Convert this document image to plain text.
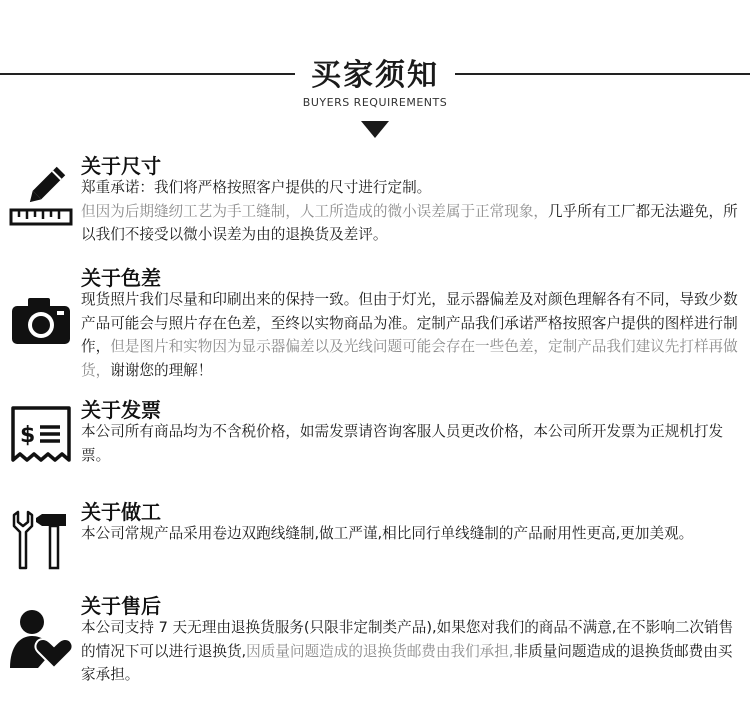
买家须知
BUYERS REQUIREMENTS
关于尺寸
郑重承诺：我们将严格按照客户提供的尺寸进行定制。
但因为后期缝纫工艺为手工缝制，人工所造成的微小误差属于正常现象，几乎所有工厂都无法避免，所以我们不接受以微小误差为由的退换货及差评。
关于色差
现货照片我们尽量和印刷出来的保持一致。但由于灯光，显示器偏差及对颜色理解各有不同，导致少数产品可能会与照片存在色差，至终以实物商品为准。定制产品我们承诺严格按照客户提供的图样进行制作，但是图片和实物因为显示器偏差以及光线问题可能会存在一些色差，定制产品我们建议先打样再做货，谢谢您的理解！
$
关于发票
本公司所有商品均为不含税价格，如需发票请咨询客服人员更改价格，本公司所开发票为正规机打发票。
关于做工
本公司常规产品采用卷边双跑线缝制,做工严谨,相比同行单线缝制的产品耐用性更高,更加美观。
关于售后
本公司支持 7 天无理由退换货服务(只限非定制类产品),如果您对我们的商品不满意,在不影响二次销售的情况下可以进行退换货,因质量问题造成的退换货邮费由我们承担,非质量问题造成的退换货邮费由买家承担。
